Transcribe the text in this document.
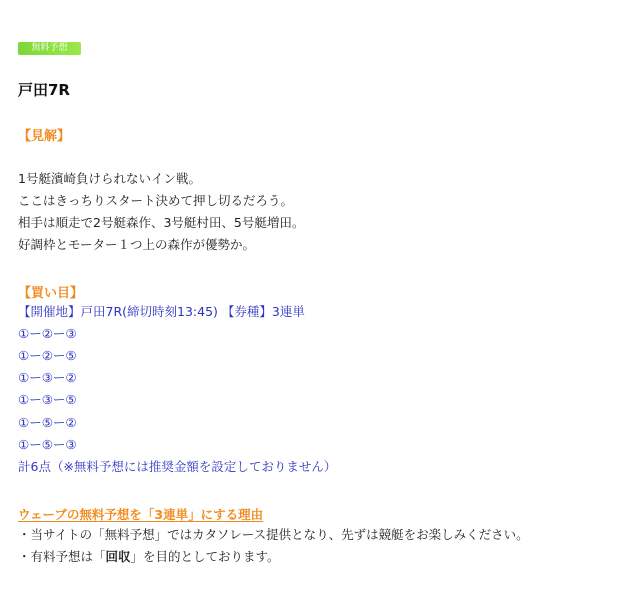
無料予想
戸田7R
【見解】
1号艇濱崎負けられないイン戦。
ここはきっちりスタート決めて押し切るだろう。
相手は順走で2号艇森作、3号艇村田、5号艇増田。
好調枠とモーター１つ上の森作が優勢か。
【買い目】
【開催地】戸田7R(締切時刻13:45) 【券種】3連単
①ー②ー③
①ー②ー⑤
①ー③ー②
①ー③ー⑤
①ー⑤ー②
①ー⑤ー③
計6点（※無料予想には推奨金額を設定しておりません）
ウェーブの無料予想を「3連単」にする理由
・当サイトの「無料予想」ではカタソレース提供となり、先ずは競艇をお楽しみください。
・有料予想は「回収」を目的としております。
